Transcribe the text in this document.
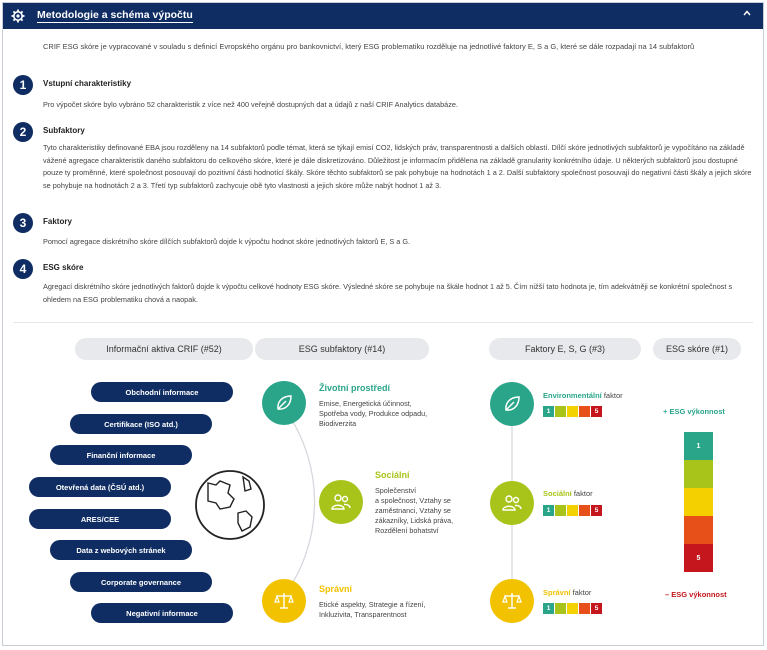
Metodologie a schéma výpočtu
CRIF ESG skóre je vypracované v souladu s definicí Evropského orgánu pro bankovnictví, který ESG problematiku rozděluje na jednotlivé faktory E, S a G, které se dále rozpadají na 14 subfaktorů
1	Vstupní charakteristiky
Pro výpočet skóre bylo vybráno 52 charakteristik z více než 400 veřejně dostupných dat a údajů z naší CRIF Analytics databáze.
2	Subfaktory
Tyto charakteristiky definované EBA jsou rozděleny na 14 subfaktorů podle témat, která se týkají emisí CO2, lidských práv, transparentnosti a dalších oblastí. Dílčí skóre jednotlivých subfaktorů je vypočítáno na základě vážené agregace charakteristik daného subfaktoru do celkového skóre, které je dále diskretizováno. Důležitost je informacím přidělena na základě granularity konkrétního údaje. U některých subfaktorů jsou dostupné pouze ty proměnné, které společnost posouvají do pozitivní části hodnotící škály. Skóre těchto subfaktorů se pak pohybuje na hodnotách 1 a 2. Další subfaktory společnost posouvají do negativní části škály a jejich skóre se pohybuje na hodnotách 2 a 3. Třetí typ subfaktorů zachycuje obě tyto vlastnosti a jejich skóre může nabýt hodnot 1 až 3.
3	Faktory
Pomocí agregace diskrétního skóre dílčích subfaktorů dojde k výpočtu hodnot skóre jednotlivých faktorů E, S a G.
4	ESG skóre
Agregací diskrétního skóre jednotlivých faktorů dojde k výpočtu celkové hodnoty ESG skóre. Výsledné skóre se pohybuje na škále hodnot 1 až 5. Čím nižší tato hodnota je, tím adekvátněji se konkrétní společnost s ohledem na ESG problematiku chová a naopak.
Informační aktiva CRIF (#52)	ESG subfaktory (#14)	Faktory E, S, G (#3)	ESG skóre (#1)
Obchodní informace
Certifikace (ISO atd.)
Finanční informace
Otevřená data (ČSÚ atd.)
ARES/CEE
Data z webových stránek
Corporate governance
Negativní informace
Životní prostředí
Emise, Energetická účinnost,
Spotřeba vody, Produkce odpadu,
Biodiverzita
Sociální
Společenství
a společnost, Vztahy se
zaměstnanci, Vztahy se
zákazníky, Lidská práva,
Rozdělení bohatství
Správní
Etické aspekty, Strategie a řízení,
Inkluzivita, Transparentnost
Environmentální faktor
1	5
Sociální faktor
1	5
Správní faktor
1	5
+ ESG výkonnost
1
5
– ESG výkonnost
